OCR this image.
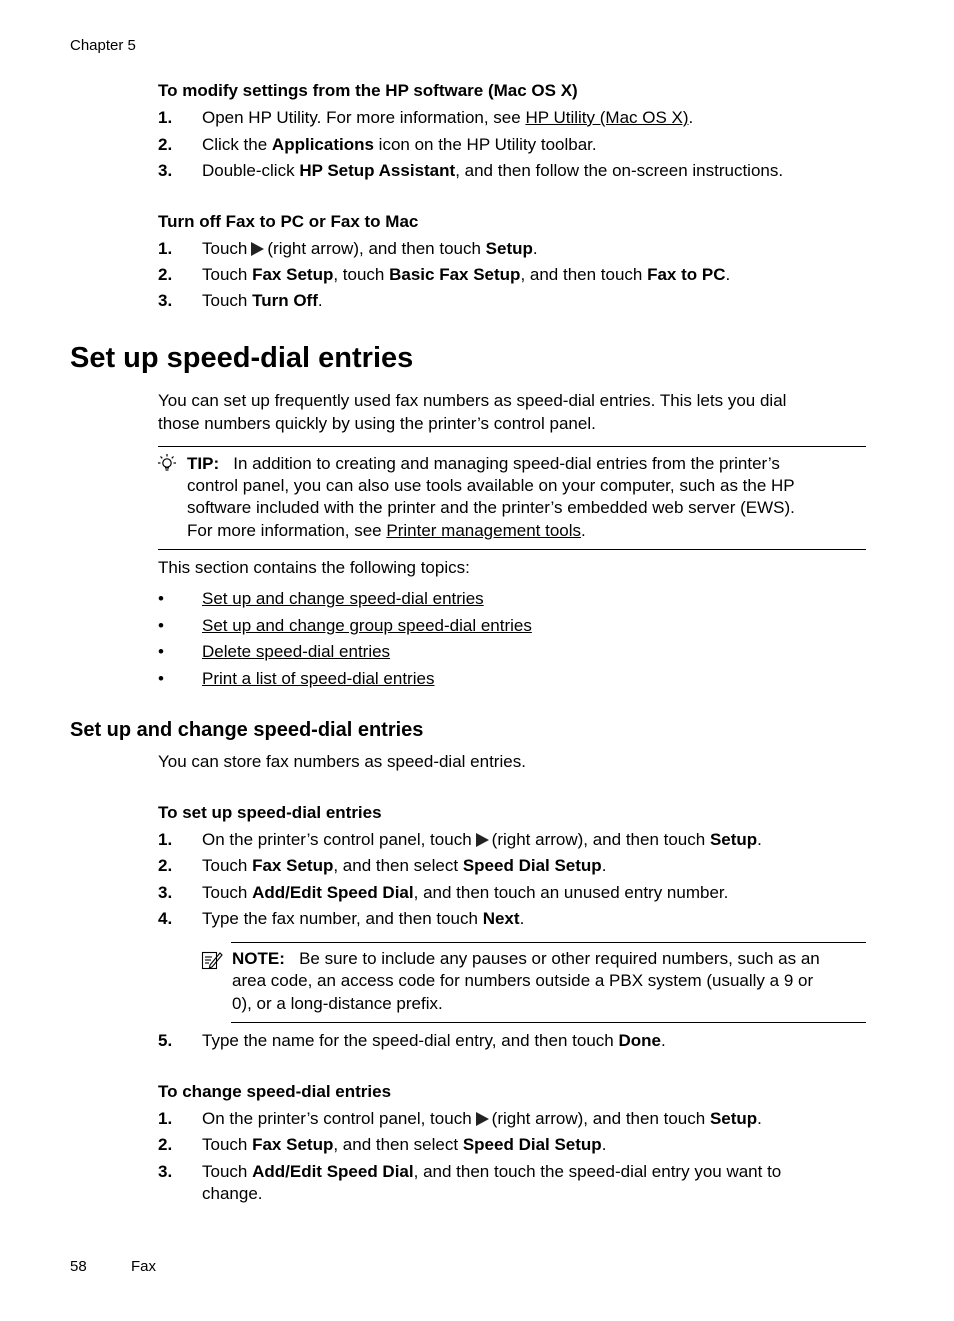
Chapter 5
To modify settings from the HP software (Mac OS X)
1. Open HP Utility. For more information, see HP Utility (Mac OS X).
2. Click the Applications icon on the HP Utility toolbar.
3. Double-click HP Setup Assistant, and then follow the on-screen instructions.
Turn off Fax to PC or Fax to Mac
1. Touch (right arrow), and then touch Setup.
2. Touch Fax Setup, touch Basic Fax Setup, and then touch Fax to PC.
3. Touch Turn Off.
Set up speed-dial entries
You can set up frequently used fax numbers as speed-dial entries. This lets you dial
those numbers quickly by using the printer’s control panel.
TIP: In addition to creating and managing speed-dial entries from the printer’s
control panel, you can also use tools available on your computer, such as the HP
software included with the printer and the printer’s embedded web server (EWS).
For more information, see Printer management tools.
This section contains the following topics:
• Set up and change speed-dial entries
• Set up and change group speed-dial entries
• Delete speed-dial entries
• Print a list of speed-dial entries
Set up and change speed-dial entries
You can store fax numbers as speed-dial entries.
To set up speed-dial entries
1. On the printer’s control panel, touch (right arrow), and then touch Setup.
2. Touch Fax Setup, and then select Speed Dial Setup.
3. Touch Add/Edit Speed Dial, and then touch an unused entry number.
4. Type the fax number, and then touch Next.
NOTE: Be sure to include any pauses or other required numbers, such as an
area code, an access code for numbers outside a PBX system (usually a 9 or
0), or a long-distance prefix.
5. Type the name for the speed-dial entry, and then touch Done.
To change speed-dial entries
1. On the printer’s control panel, touch (right arrow), and then touch Setup.
2. Touch Fax Setup, and then select Speed Dial Setup.
3. Touch Add/Edit Speed Dial, and then touch the speed-dial entry you want to
change.
58	Fax
